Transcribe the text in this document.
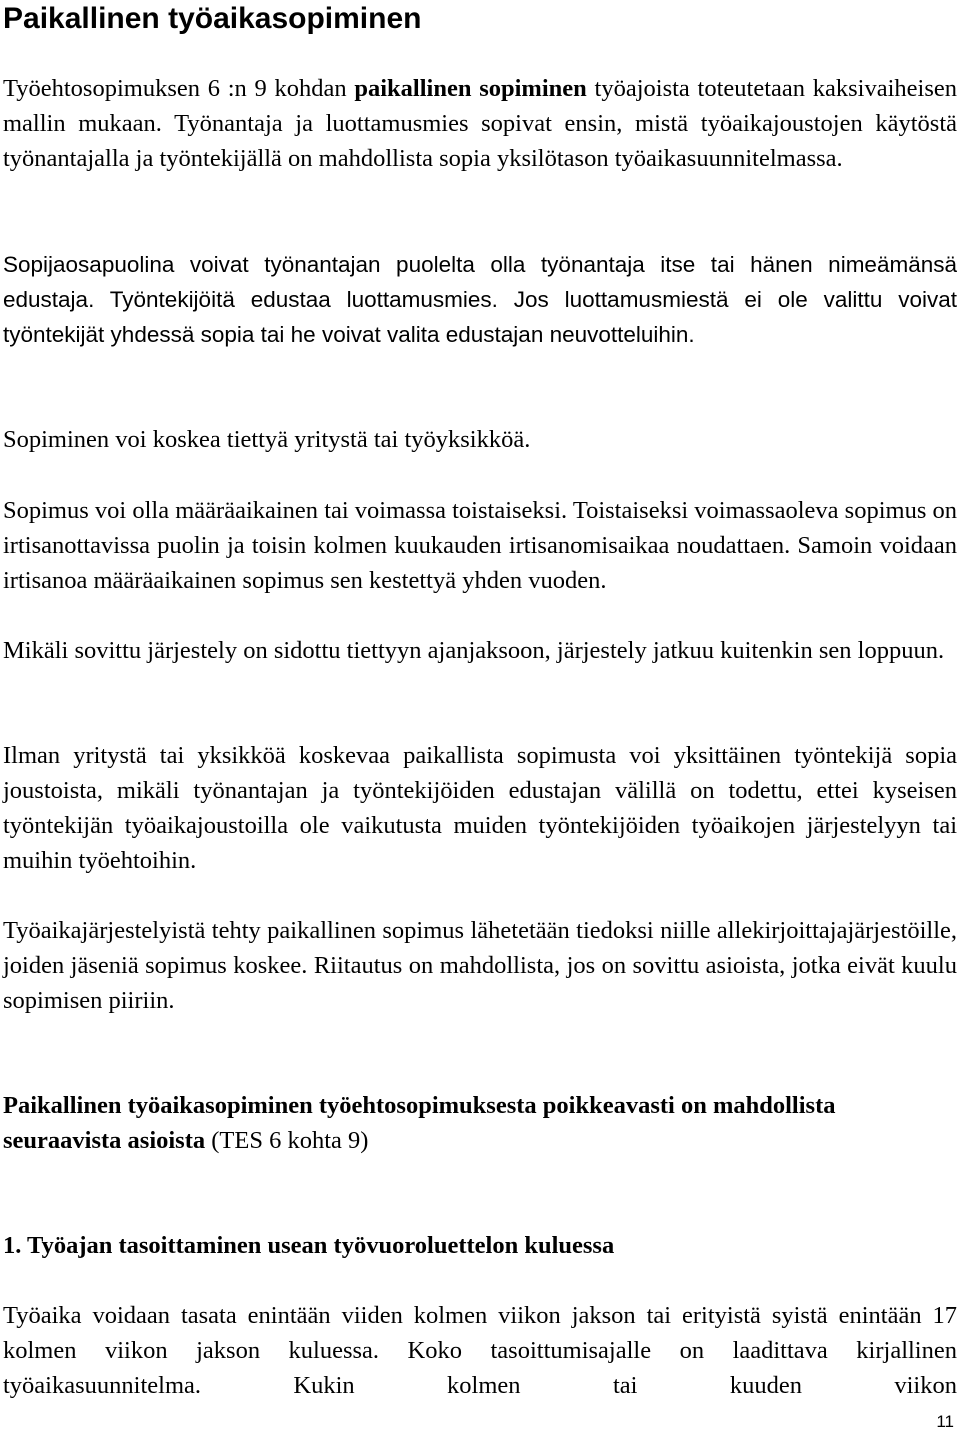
Paikallinen työaikasopiminen

Työehtosopimuksen 6 :n 9 kohdan paikallinen sopiminen työajoista toteutetaan kaksivaiheisen mallin mukaan. Työnantaja ja luottamusmies sopivat ensin, mistä työaikajoustojen käytöstä työnantajalla ja työntekijällä on mahdollista sopia yksilötason työaikasuunnitelmassa.

Sopijaosapuolina voivat työnantajan puolelta olla työnantaja itse tai hänen nimeämänsä edustaja. Työntekijöitä edustaa luottamusmies. Jos luottamusmiestä ei ole valittu voivat työntekijät yhdessä sopia tai he voivat valita edustajan neuvotteluihin.

Sopiminen voi koskea tiettyä yritystä tai työyksikköä.

Sopimus voi olla määräaikainen tai voimassa toistaiseksi. Toistaiseksi voimassaoleva sopimus on irtisanottavissa puolin ja toisin kolmen kuukauden irtisanomisaikaa noudattaen. Samoin voidaan irtisanoa määräaikainen sopimus sen kestettyä yhden vuoden.

Mikäli sovittu järjestely on sidottu tiettyyn ajanjaksoon, järjestely jatkuu kuitenkin sen loppuun.

Ilman yritystä tai yksikköä koskevaa paikallista sopimusta voi yksittäinen työntekijä sopia joustoista, mikäli työnantajan ja työntekijöiden edustajan välillä on todettu, ettei kyseisen työntekijän työaikajoustoilla ole vaikutusta muiden työntekijöiden työaikojen järjestelyyn tai muihin työehtoihin.

Työaikajärjestelyistä tehty paikallinen sopimus lähetetään tiedoksi niille allekirjoittajajärjestöille, joiden jäseniä sopimus koskee. Riitautus on mahdollista, jos on sovittu asioista, jotka eivät kuulu sopimisen piiriin.

Paikallinen työaikasopiminen työehtosopimuksesta poikkeavasti on mahdollista seuraavista asioista (TES 6 kohta 9)

1. Työajan tasoittaminen usean työvuoroluettelon kuluessa

Työaika voidaan tasata enintään viiden kolmen viikon jakson tai erityistä syistä enintään 17 kolmen viikon jakson kuluessa. Koko tasoittumisajalle on laadittava kirjallinen työaikasuunnitelma. Kukin kolmen tai kuuden viikon

11
